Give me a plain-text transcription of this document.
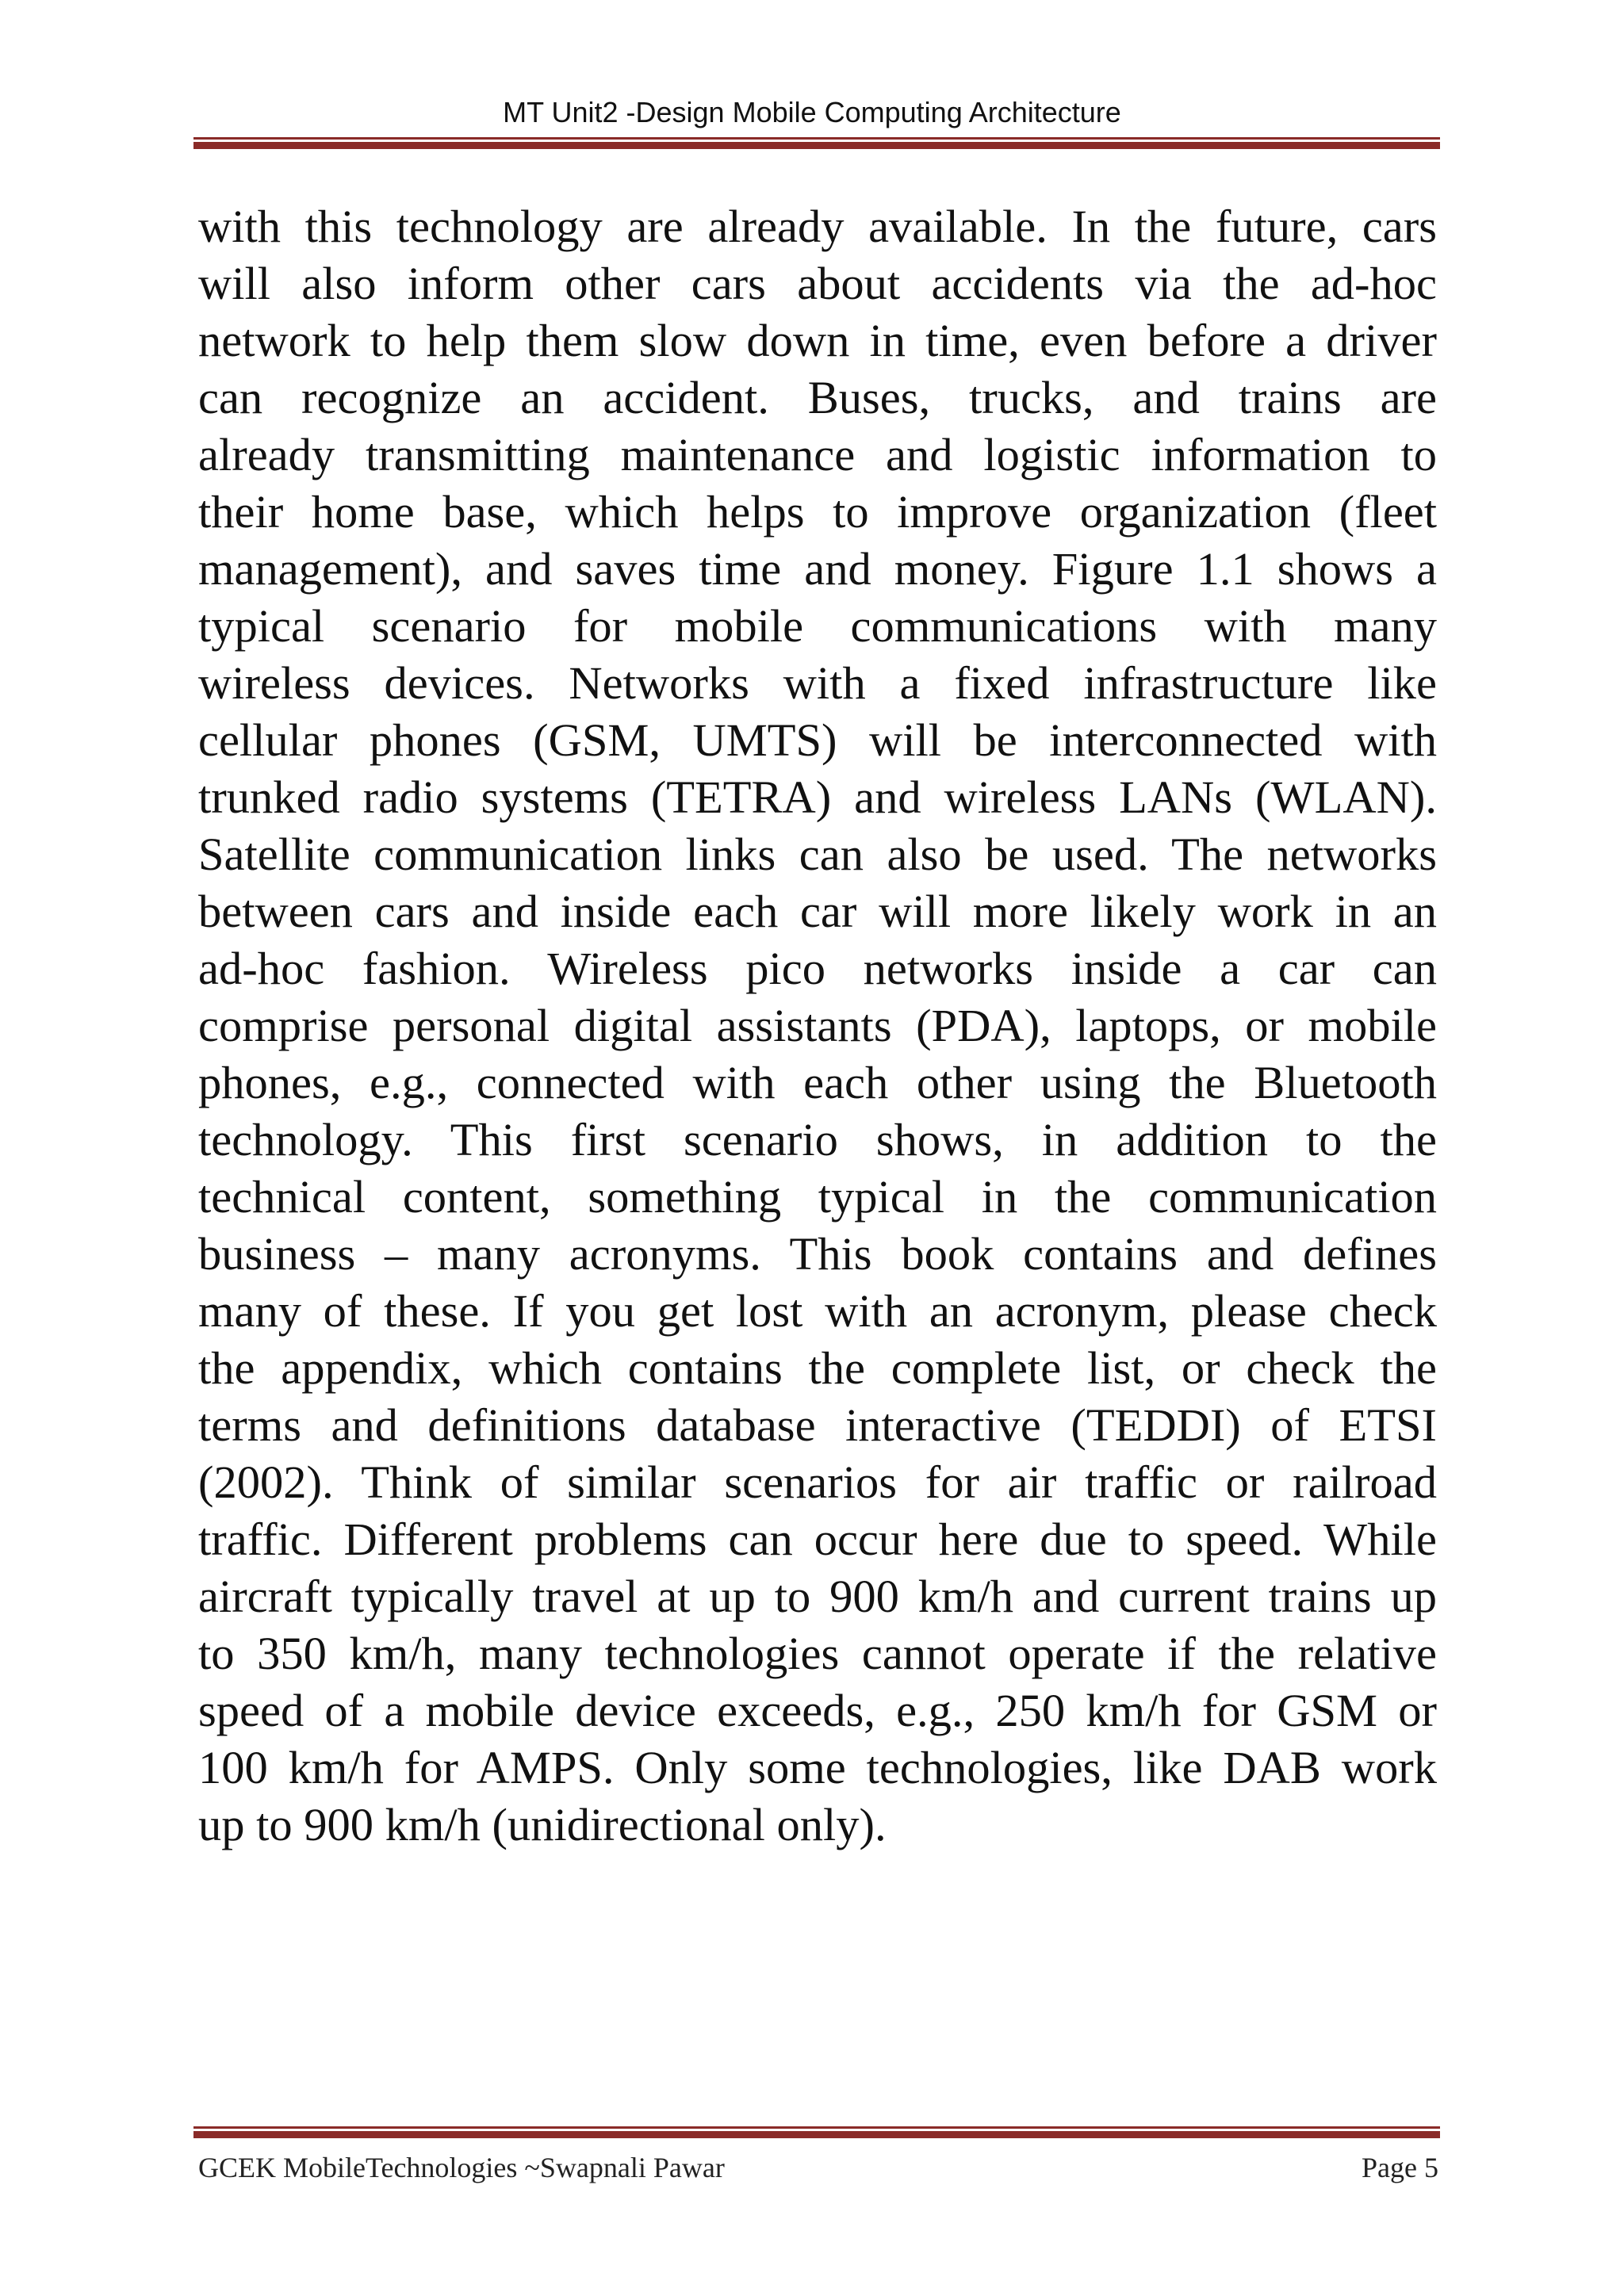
MT Unit2 -Design Mobile Computing Architecture
with this technology are already available. In the future, cars
will also inform other cars about accidents via the ad-hoc
network to help them slow down in time, even before a driver
can recognize an accident. Buses, trucks, and trains are
already transmitting maintenance and logistic information to
their home base, which helps to improve organization (fleet
management), and saves time and money. Figure 1.1 shows a
typical scenario for mobile communications with many
wireless devices. Networks with a fixed infrastructure like
cellular phones (GSM, UMTS) will be interconnected with
trunked radio systems (TETRA) and wireless LANs (WLAN).
Satellite communication links can also be used. The networks
between cars and inside each car will more likely work in an
ad-hoc fashion. Wireless pico networks inside a car can
comprise personal digital assistants (PDA), laptops, or mobile
phones, e.g., connected with each other using the Bluetooth
technology. This first scenario shows, in addition to the
technical content, something typical in the communication
business – many acronyms. This book contains and defines
many of these. If you get lost with an acronym, please check
the appendix, which contains the complete list, or check the
terms and definitions database interactive (TEDDI) of ETSI
(2002). Think of similar scenarios for air traffic or railroad
traffic. Different problems can occur here due to speed. While
aircraft typically travel at up to 900 km/h and current trains up
to 350 km/h, many technologies cannot operate if the relative
speed of a mobile device exceeds, e.g., 250 km/h for GSM or
100 km/h for AMPS. Only some technologies, like DAB work
up to 900 km/h (unidirectional only).
GCEK MobileTechnologies ~Swapnali Pawar	Page 5
